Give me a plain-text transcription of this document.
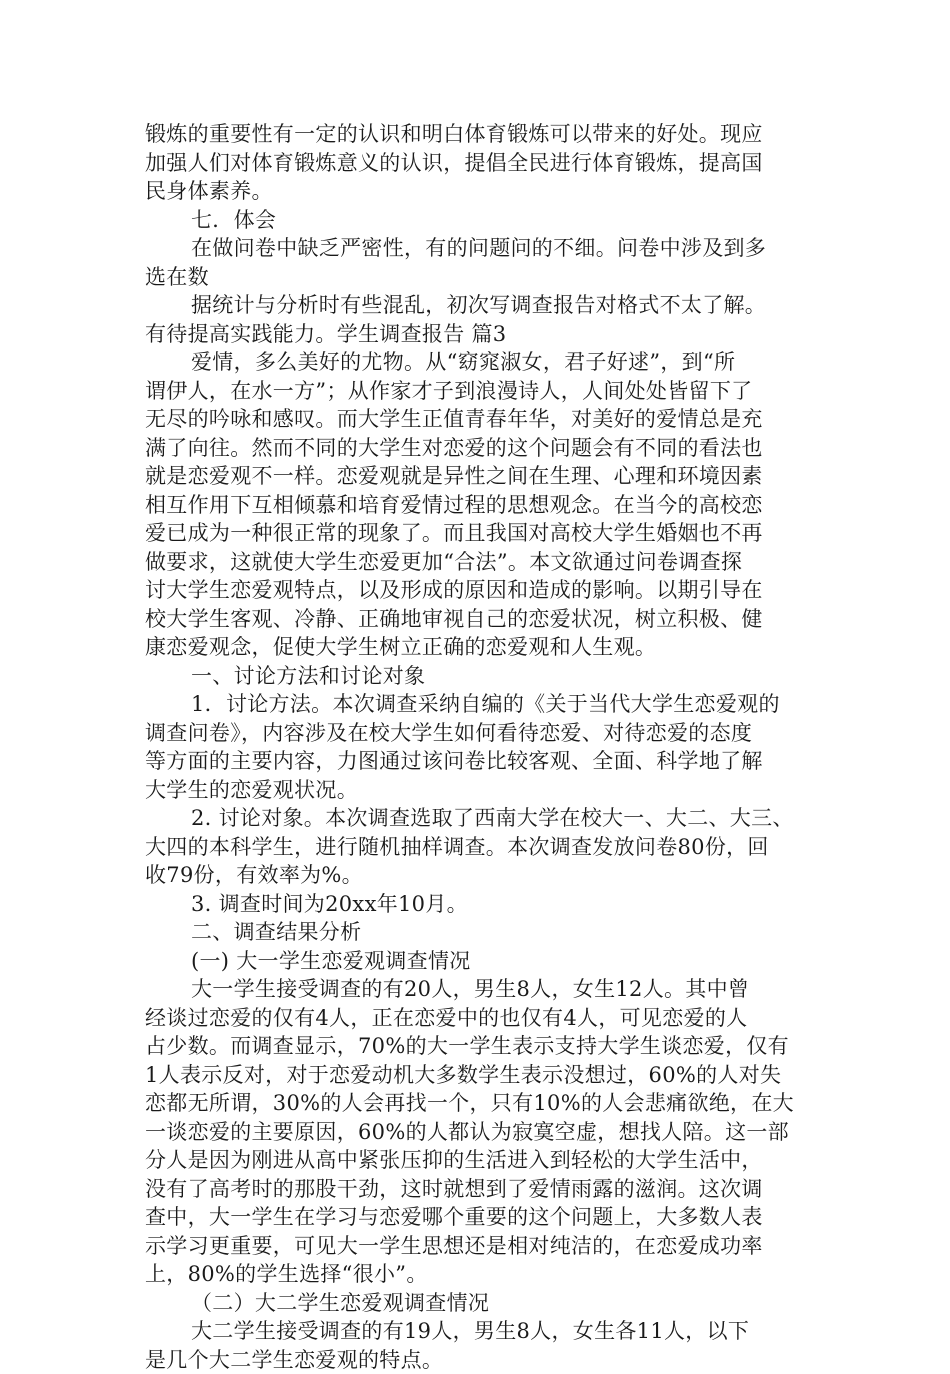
锻炼的重要性有一定的认识和明白体育锻炼可以带来的好处。现应
加强人们对体育锻炼意义的认识，提倡全民进行体育锻炼，提高国
民身体素养。
七．体会
在做问卷中缺乏严密性，有的问题问的不细。问卷中涉及到多
选在数
据统计与分析时有些混乱，初次写调查报告对格式不太了解。
有待提高实践能力。学生调查报告 篇3
爱情，多么美好的尤物。从“窈窕淑女，君子好逑”，到“所
谓伊人，在水一方”；从作家才子到浪漫诗人，人间处处皆留下了
无尽的吟咏和感叹。而大学生正值青春年华，对美好的爱情总是充
满了向往。然而不同的大学生对恋爱的这个问题会有不同的看法也
就是恋爱观不一样。恋爱观就是异性之间在生理、心理和环境因素
相互作用下互相倾慕和培育爱情过程的思想观念。在当今的高校恋
爱已成为一种很正常的现象了。而且我国对高校大学生婚姻也不再
做要求，这就使大学生恋爱更加“合法”。本文欲通过问卷调查探
讨大学生恋爱观特点，以及形成的原因和造成的影响。以期引导在
校大学生客观、冷静、正确地审视自己的恋爱状况，树立积极、健
康恋爱观念，促使大学生树立正确的恋爱观和人生观。
一、讨论方法和讨论对象
1．讨论方法。本次调查采纳自编的《关于当代大学生恋爱观的
调查问卷》，内容涉及在校大学生如何看待恋爱、对待恋爱的态度
等方面的主要内容，力图通过该问卷比较客观、全面、科学地了解
大学生的恋爱观状况。
2. 讨论对象。本次调查选取了西南大学在校大一、大二、大三、
大四的本科学生，进行随机抽样调查。本次调查发放问卷80份，回
收79份，有效率为%。
3. 调查时间为20xx年10月。
二、调查结果分析
(一) 大一学生恋爱观调查情况
大一学生接受调查的有20人，男生8人，女生12人。其中曾
经谈过恋爱的仅有4人，正在恋爱中的也仅有4人，可见恋爱的人
占少数。而调查显示，70%的大一学生表示支持大学生谈恋爱，仅有
1人表示反对，对于恋爱动机大多数学生表示没想过，60%的人对失
恋都无所谓，30%的人会再找一个，只有10%的人会悲痛欲绝，在大
一谈恋爱的主要原因，60%的人都认为寂寞空虚，想找人陪。这一部
分人是因为刚进从高中紧张压抑的生活进入到轻松的大学生活中，
没有了高考时的那股干劲，这时就想到了爱情雨露的滋润。这次调
查中，大一学生在学习与恋爱哪个重要的这个问题上，大多数人表
示学习更重要，可见大一学生思想还是相对纯洁的，在恋爱成功率
上，80%的学生选择“很小”。
（二）大二学生恋爱观调查情况
大二学生接受调查的有19人，男生8人，女生各11人，以下
是几个大二学生恋爱观的特点。
